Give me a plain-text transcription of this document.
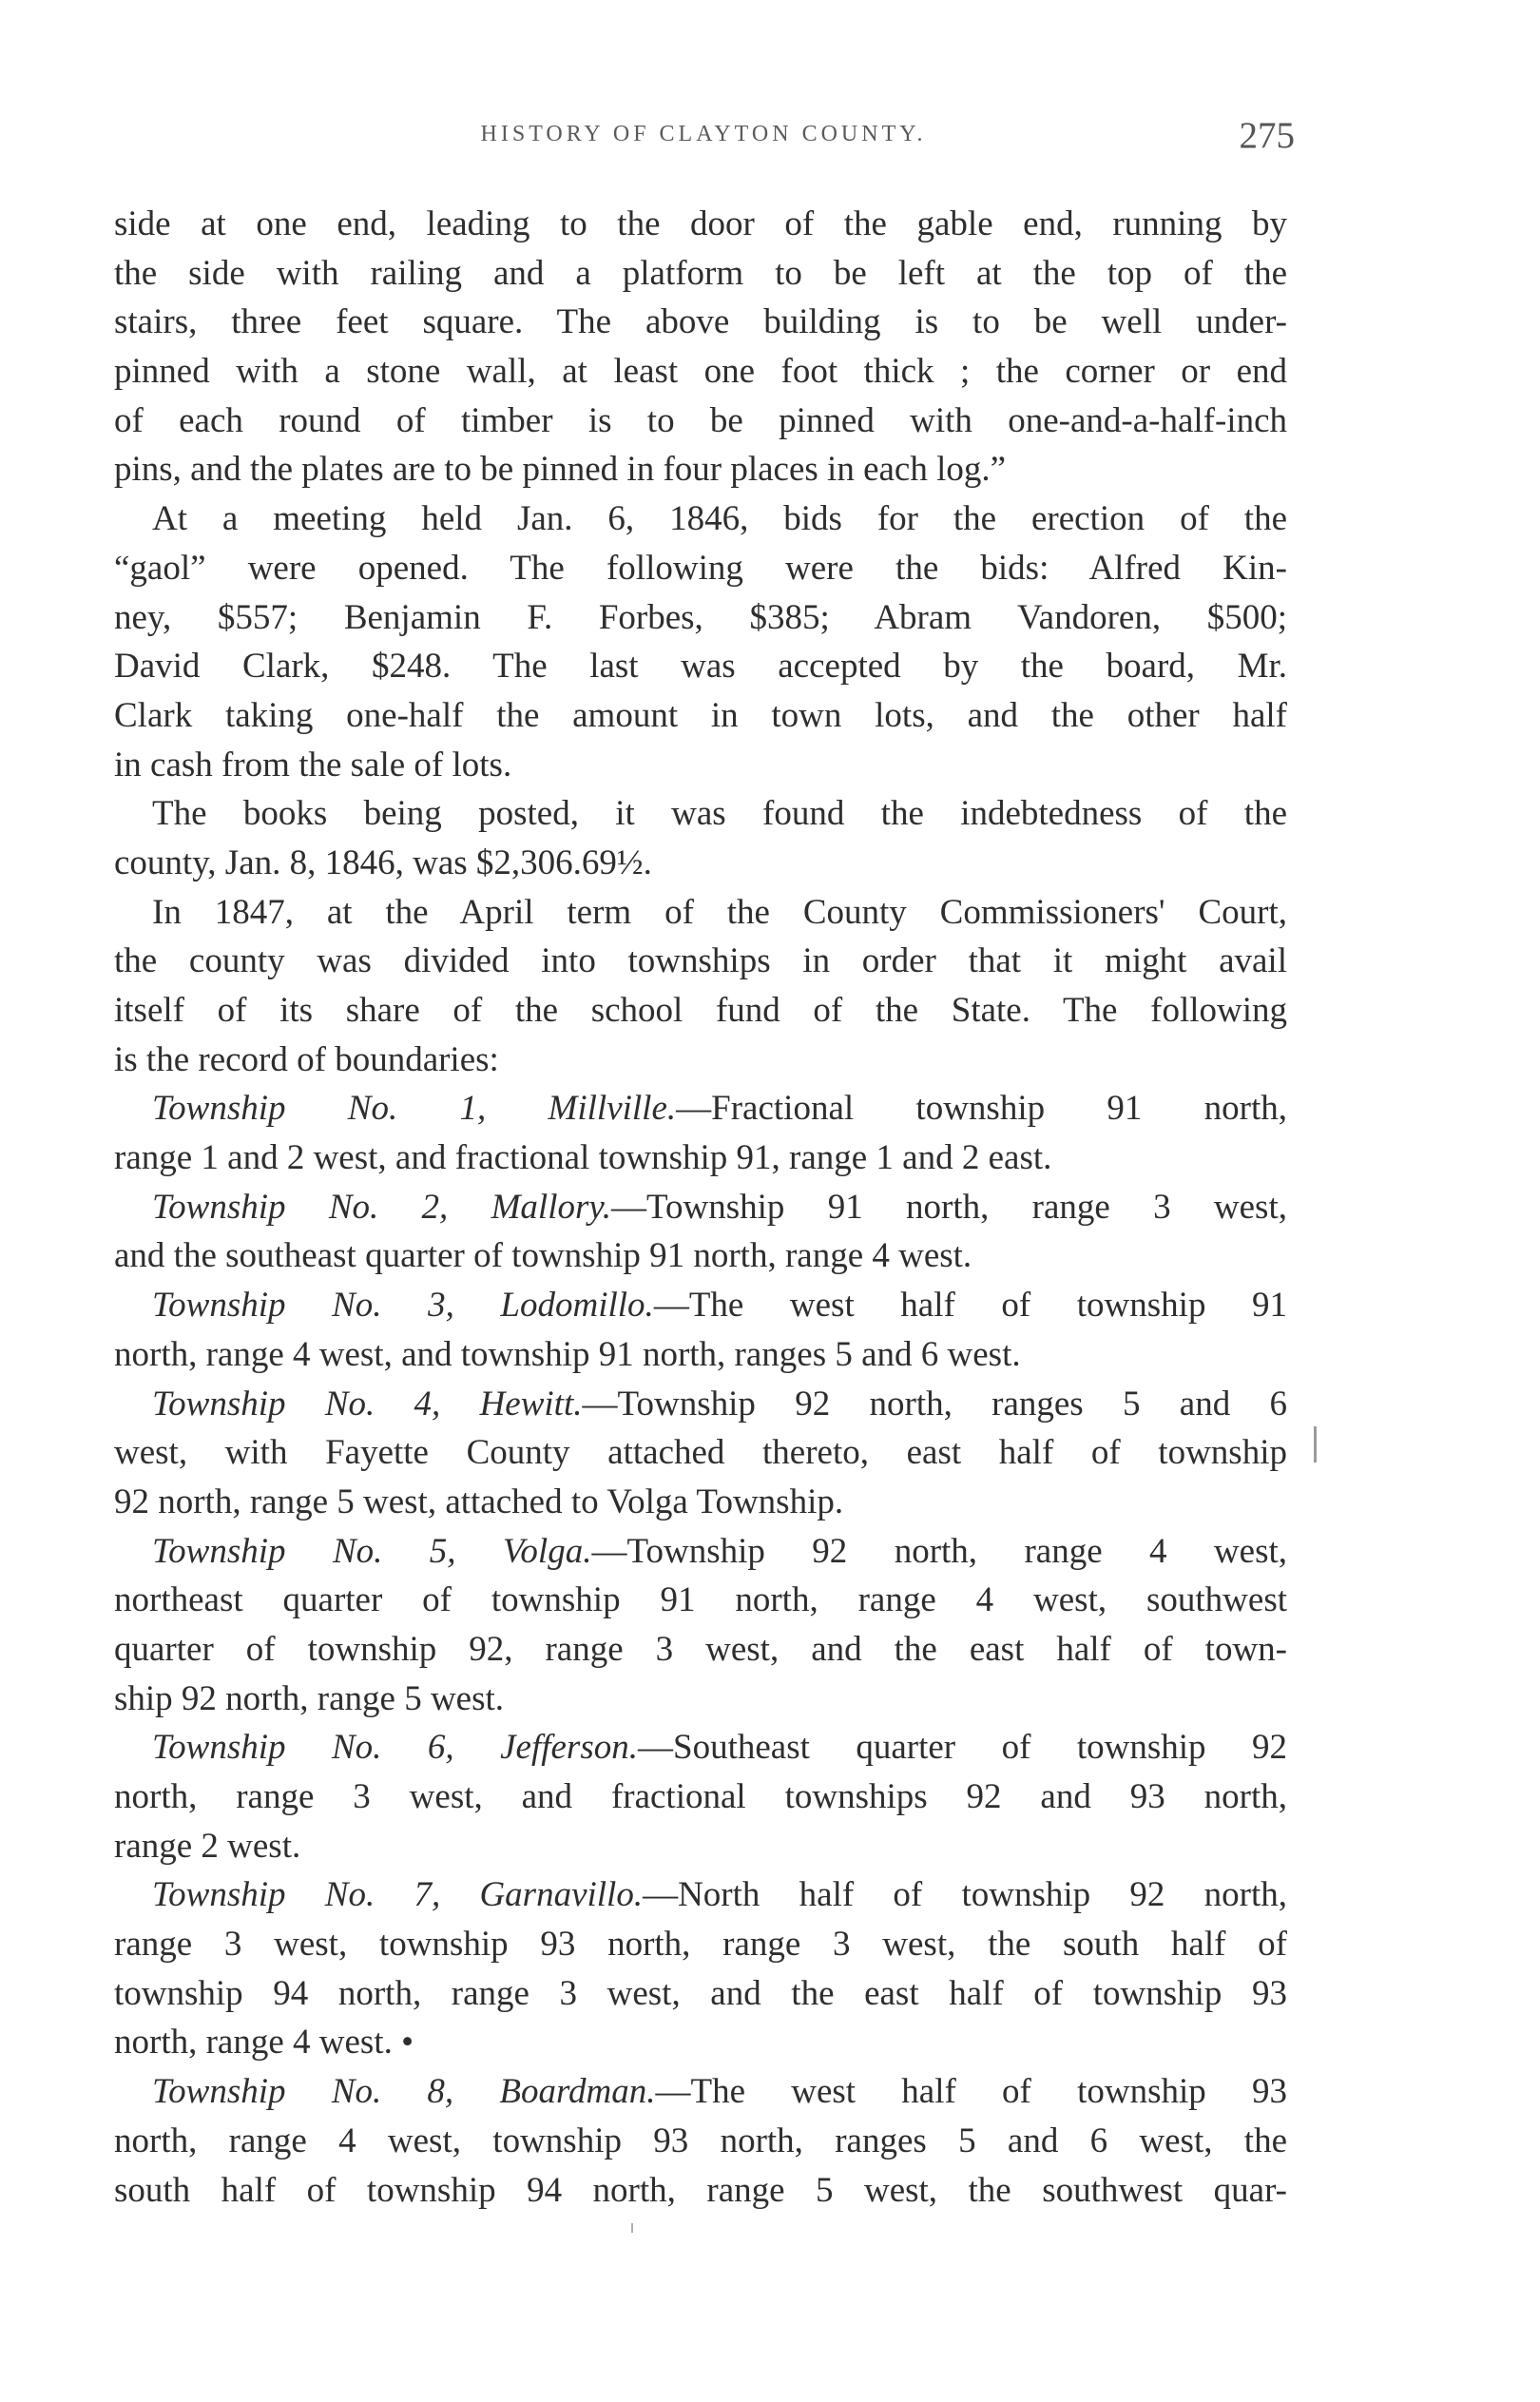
HISTORY OF CLAYTON COUNTY.	275
side at one end, leading to the door of the gable end, running by
the side with railing and a platform to be left at the top of the
stairs, three feet square. The above building is to be well under-
pinned with a stone wall, at least one foot thick ; the corner or end
of each round of timber is to be pinned with one-and-a-half-inch
pins, and the plates are to be pinned in four places in each log.”
At a meeting held Jan. 6, 1846, bids for the erection of the
“gaol” were opened. The following were the bids: Alfred Kin-
ney, $557; Benjamin F. Forbes, $385; Abram Vandoren, $500;
David Clark, $248. The last was accepted by the board, Mr.
Clark taking one-half the amount in town lots, and the other half
in cash from the sale of lots.
The books being posted, it was found the indebtedness of the
county, Jan. 8, 1846, was $2,306.69½.
In 1847, at the April term of the County Commissioners' Court,
the county was divided into townships in order that it might avail
itself of its share of the school fund of the State. The following
is the record of boundaries:
Township No. 1, Millville.—Fractional township 91 north,
range 1 and 2 west, and fractional township 91, range 1 and 2 east.
Township No. 2, Mallory.—Township 91 north, range 3 west,
and the southeast quarter of township 91 north, range 4 west.
Township No. 3, Lodomillo.—The west half of township 91
north, range 4 west, and township 91 north, ranges 5 and 6 west.
Township No. 4, Hewitt.—Township 92 north, ranges 5 and 6
west, with Fayette County attached thereto, east half of township
92 north, range 5 west, attached to Volga Township.
Township No. 5, Volga.—Township 92 north, range 4 west,
northeast quarter of township 91 north, range 4 west, southwest
quarter of township 92, range 3 west, and the east half of town-
ship 92 north, range 5 west.
Township No. 6, Jefferson.—Southeast quarter of township 92
north, range 3 west, and fractional townships 92 and 93 north,
range 2 west.
Township No. 7, Garnavillo.—North half of township 92 north,
range 3 west, township 93 north, range 3 west, the south half of
township 94 north, range 3 west, and the east half of township 93
north, range 4 west. •
Township No. 8, Boardman.—The west half of township 93
north, range 4 west, township 93 north, ranges 5 and 6 west, the
south half of township 94 north, range 5 west, the southwest quar-
